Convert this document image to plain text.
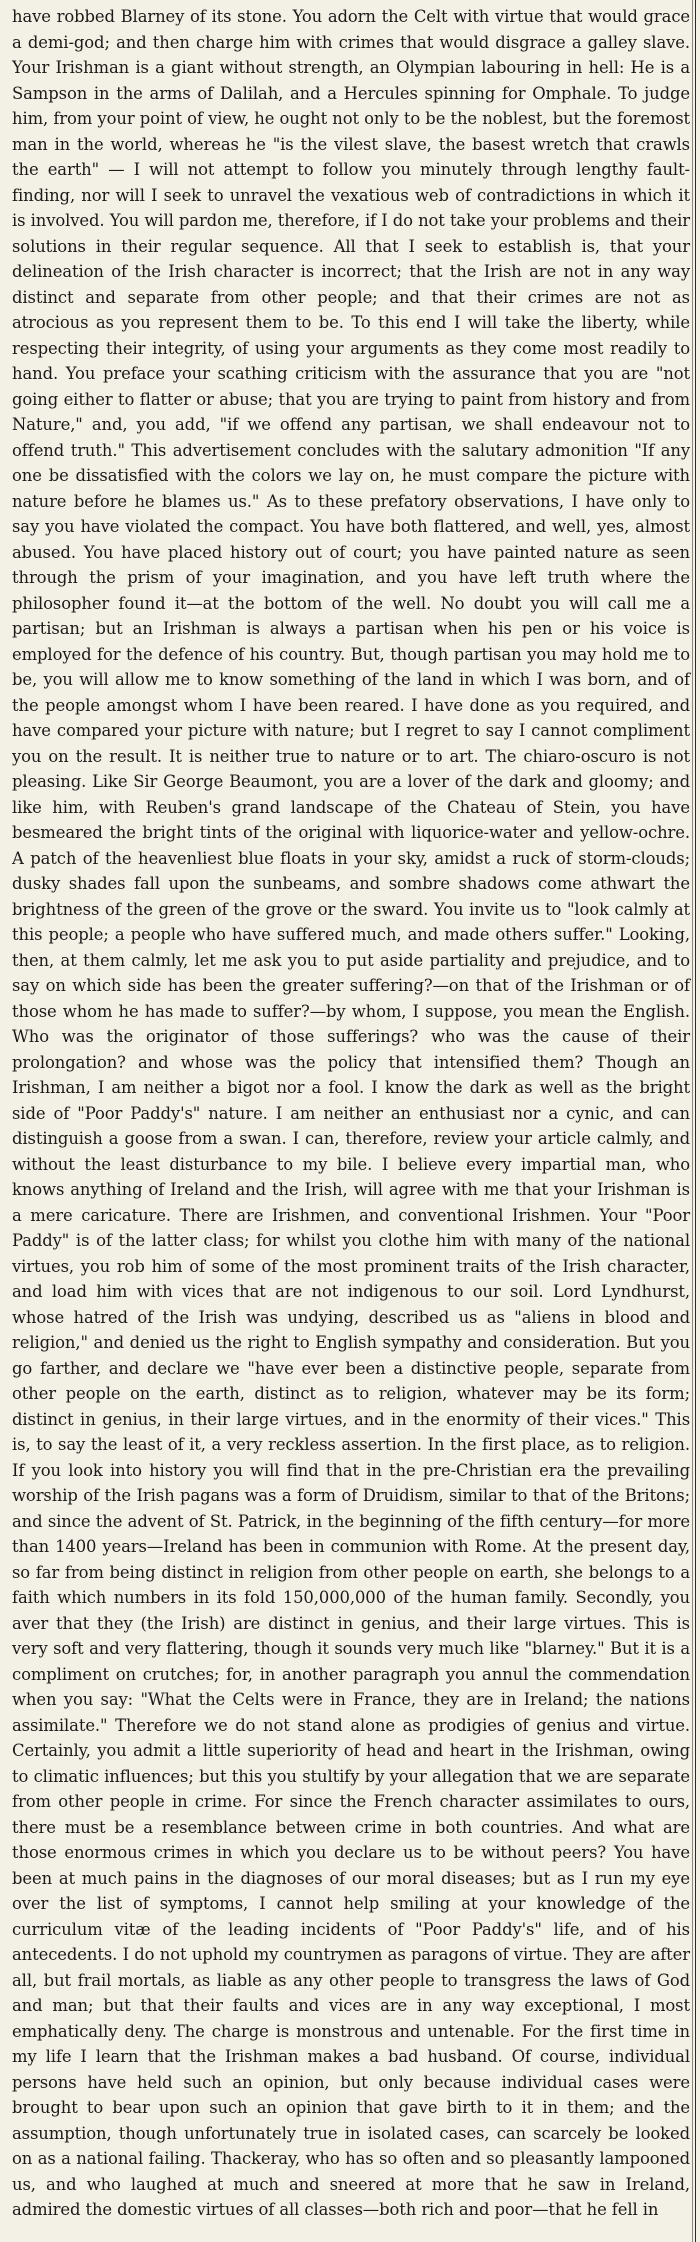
have robbed Blarney of its stone. You adorn the Celt with virtue that would grace a demi-god; and then charge him with crimes that would disgrace a galley slave. Your Irishman is a giant without strength, an Olympian labouring in hell: He is a Sampson in the arms of Dalilah, and a Hercules spinning for Omphale. To judge him, from your point of view, he ought not only to be the noblest, but the foremost man in the world, whereas he "is the vilest slave, the basest wretch that crawls the earth" — I will not attempt to follow you minutely through lengthy fault-finding, nor will I seek to unravel the vexatious web of contradictions in which it is involved. You will pardon me, therefore, if I do not take your problems and their solutions in their regular sequence. All that I seek to establish is, that your delineation of the Irish character is incorrect; that the Irish are not in any way distinct and separate from other people; and that their crimes are not as atrocious as you represent them to be. To this end I will take the liberty, while respecting their integrity, of using your arguments as they come most readily to hand. You preface your scathing criticism with the assurance that you are "not going either to flatter or abuse; that you are trying to paint from history and from Nature," and, you add, "if we offend any partisan, we shall endeavour not to offend truth." This advertisement concludes with the salutary admonition "If any one be dissatisfied with the colors we lay on, he must compare the picture with nature before he blames us." As to these prefatory observations, I have only to say you have violated the compact. You have both flattered, and well, yes, almost abused. You have placed history out of court; you have painted nature as seen through the prism of your imagination, and you have left truth where the philosopher found it—at the bottom of the well. No doubt you will call me a partisan; but an Irishman is always a partisan when his pen or his voice is employed for the defence of his country. But, though partisan you may hold me to be, you will allow me to know something of the land in which I was born, and of the people amongst whom I have been reared. I have done as you required, and have compared your picture with nature; but I regret to say I cannot compliment you on the result. It is neither true to nature or to art. The chiaro-oscuro is not pleasing. Like Sir George Beaumont, you are a lover of the dark and gloomy; and like him, with Reuben's grand landscape of the Chateau of Stein, you have besmeared the bright tints of the original with liquorice-water and yellow-ochre. A patch of the heavenliest blue floats in your sky, amidst a ruck of storm-clouds; dusky shades fall upon the sunbeams, and sombre shadows come athwart the brightness of the green of the grove or the sward. You invite us to "look calmly at this people; a people who have suffered much, and made others suffer." Looking, then, at them calmly, let me ask you to put aside partiality and prejudice, and to say on which side has been the greater suffering?—on that of the Irishman or of those whom he has made to suffer?—by whom, I suppose, you mean the English. Who was the originator of those sufferings? who was the cause of their prolongation? and whose was the policy that intensified them? Though an Irishman, I am neither a bigot nor a fool. I know the dark as well as the bright side of "Poor Paddy's" nature. I am neither an enthusiast nor a cynic, and can distinguish a goose from a swan. I can, therefore, review your article calmly, and without the least disturbance to my bile. I believe every impartial man, who knows anything of Ireland and the Irish, will agree with me that your Irishman is a mere caricature. There are Irishmen, and conventional Irishmen. Your "Poor Paddy" is of the latter class; for whilst you clothe him with many of the national virtues, you rob him of some of the most prominent traits of the Irish character, and load him with vices that are not indigenous to our soil. Lord Lyndhurst, whose hatred of the Irish was undying, described us as "aliens in blood and religion," and denied us the right to English sympathy and consideration. But you go farther, and declare we "have ever been a distinctive people, separate from other people on the earth, distinct as to religion, whatever may be its form; distinct in genius, in their large virtues, and in the enormity of their vices." This is, to say the least of it, a very reckless assertion. In the first place, as to religion. If you look into history you will find that in the pre-Christian era the prevailing worship of the Irish pagans was a form of Druidism, similar to that of the Britons; and since the advent of St. Patrick, in the beginning of the fifth century—for more than 1400 years—Ireland has been in communion with Rome. At the present day, so far from being distinct in religion from other people on earth, she belongs to a faith which numbers in its fold 150,000,000 of the human family. Secondly, you aver that they (the Irish) are distinct in genius, and their large virtues. This is very soft and very flattering, though it sounds very much like "blarney." But it is a compliment on crutches; for, in another paragraph you annul the commendation when you say: "What the Celts were in France, they are in Ireland; the nations assimilate." Therefore we do not stand alone as prodigies of genius and virtue. Certainly, you admit a little superiority of head and heart in the Irishman, owing to climatic influences; but this you stultify by your allegation that we are separate from other people in crime. For since the French character assimilates to ours, there must be a resemblance between crime in both countries. And what are those enormous crimes in which you declare us to be without peers? You have been at much pains in the diagnoses of our moral diseases; but as I run my eye over the list of symptoms, I cannot help smiling at your knowledge of the curriculum vitæ of the leading incidents of "Poor Paddy's" life, and of his antecedents. I do not uphold my countrymen as paragons of virtue. They are after all, but frail mortals, as liable as any other people to transgress the laws of God and man; but that their faults and vices are in any way exceptional, I most emphatically deny. The charge is monstrous and untenable. For the first time in my life I learn that the Irishman makes a bad husband. Of course, individual persons have held such an opinion, but only because individual cases were brought to bear upon such an opinion that gave birth to it in them; and the assumption, though unfortunately true in isolated cases, can scarcely be looked on as a national failing. Thackeray, who has so often and so pleasantly lampooned us, and who laughed at much and sneered at more that he saw in Ireland, admired the domestic virtues of all classes—both rich and poor—that he fell in
